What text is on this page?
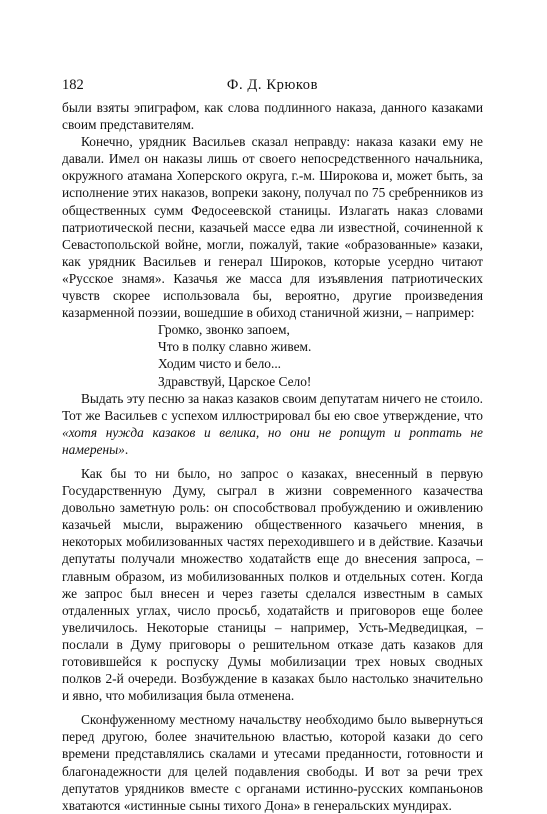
182	Ф. Д. Крюков

были взяты эпиграфом, как слова подлинного наказа, данного казаками своим представителям.

Конечно, урядник Васильев сказал неправду: наказа казаки ему не давали. Имел он наказы лишь от своего непосредственного начальника, окружного атамана Хоперского округа, г.-м. Широкова и, может быть, за исполнение этих наказов, вопреки закону, получал по 75 сребренников из общественных сумм Федосеевской станицы. Излагать наказ словами патриотической песни, казачьей массе едва ли известной, сочиненной к Севастопольской войне, могли, пожалуй, такие «образованные» казаки, как урядник Васильев и генерал Широков, которые усердно читают «Русское знамя». Казачья же масса для изъявления патриотических чувств скорее использовала бы, вероятно, другие произведения казарменной поэзии, вошедшие в обиход станичной жизни, – например:

Громко, звонко запоем,
Что в полку славно живем.
Ходим чисто и бело...
Здравствуй, Царское Село!

Выдать эту песню за наказ казаков своим депутатам ничего не стоило. Тот же Васильев с успехом иллюстрировал бы ею свое утверждение, что «хотя нужда казаков и велика, но они не ропщут и роптать не намерены».

Как бы то ни было, но запрос о казаках, внесенный в первую Государственную Думу, сыграл в жизни современного казачества довольно заметную роль: он способствовал пробуждению и оживлению казачьей мысли, выражению общественного казачьего мнения, в некоторых мобилизованных частях переходившего и в действие. Казачьи депутаты получали множество ходатайств еще до внесения запроса, – главным образом, из мобилизованных полков и отдельных сотен. Когда же запрос был внесен и через газеты сделался известным в самых отдаленных углах, число просьб, ходатайств и приговоров еще более увеличилось. Некоторые станицы – например, Усть-Медведицкая, – послали в Думу приговоры о решительном отказе дать казаков для готовившейся к роспуску Думы мобилизации трех новых сводных полков 2-й очереди. Возбуждение в казаках было настолько значительно и явно, что мобилизация была отменена.

Сконфуженному местному начальству необходимо было вывернуться перед другою, более значительною властью, которой казаки до сего времени представлялись скалами и утесами преданности, готовности и благонадежности для целей подавления свободы. И вот за речи трех депутатов урядников вместе с органами истинно-русских компаньонов хватаются «истинные сыны тихого Дона» в генеральских мундирах.
